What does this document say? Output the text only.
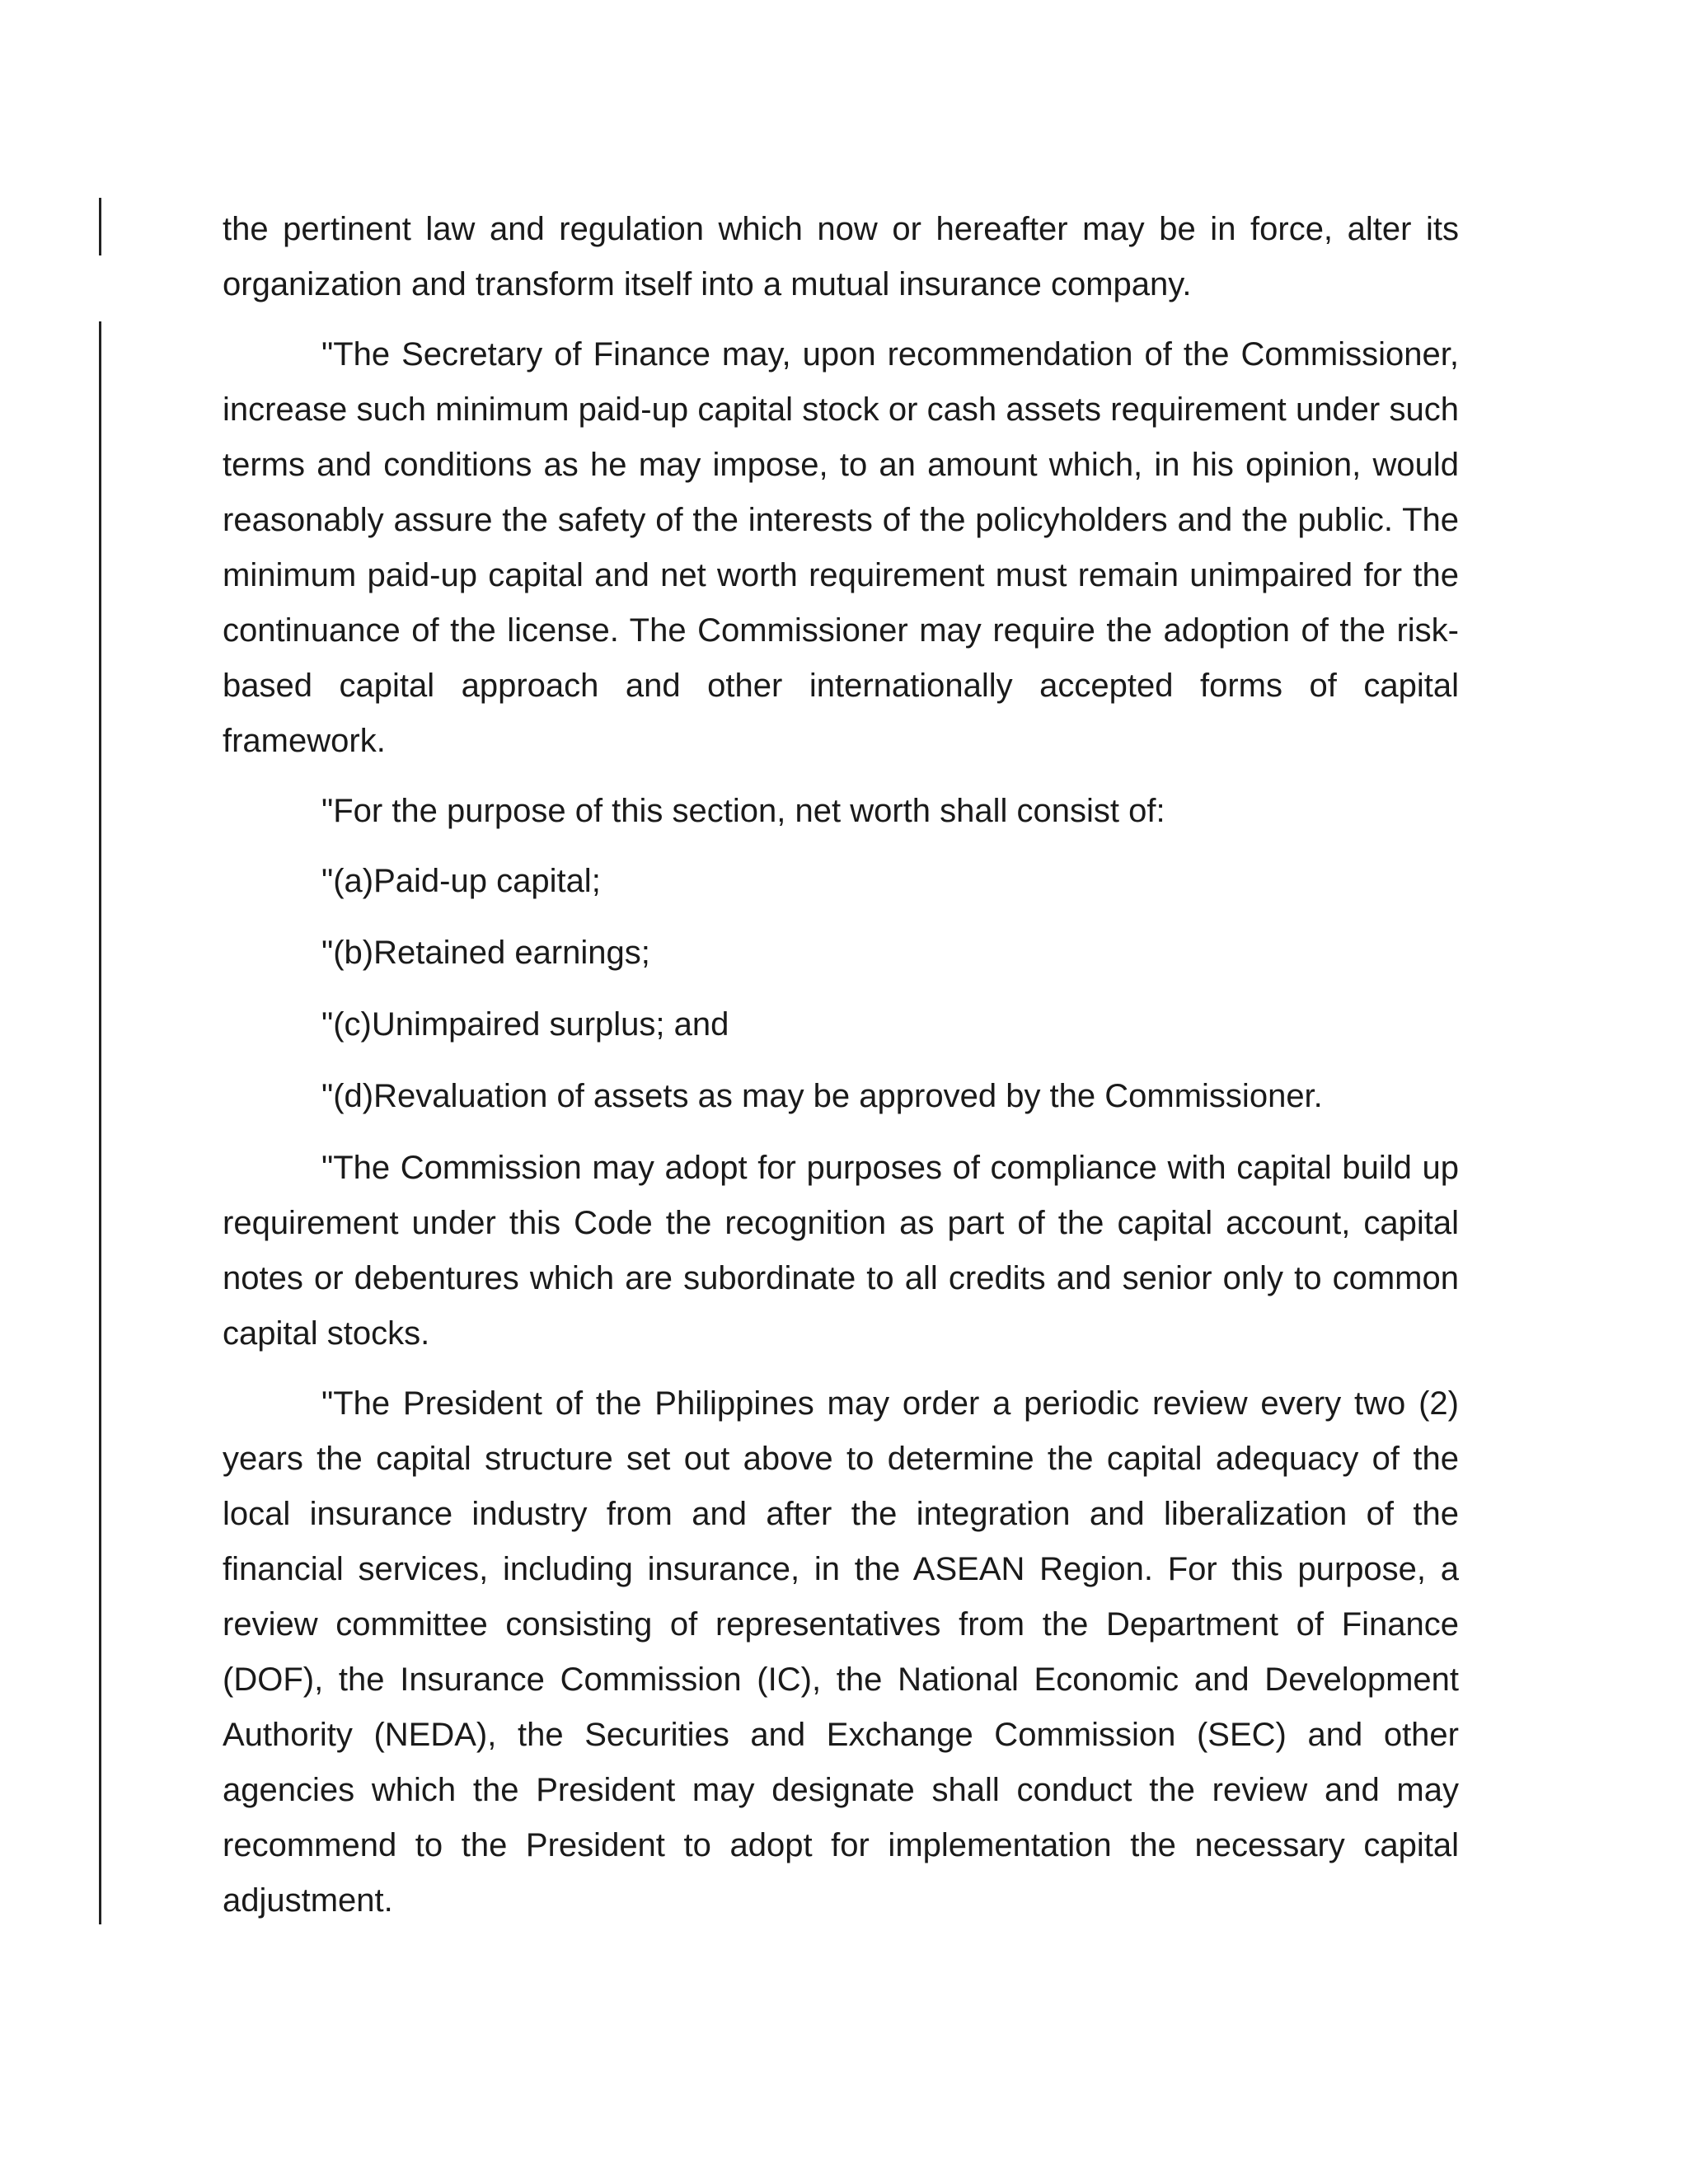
the pertinent law and regulation which now or hereafter may be in force, alter its organization and transform itself into a mutual insurance company.

"The Secretary of Finance may, upon recommendation of the Commissioner, increase such minimum paid-up capital stock or cash assets requirement under such terms and conditions as he may impose, to an amount which, in his opinion, would reasonably assure the safety of the interests of the policyholders and the public. The minimum paid-up capital and net worth requirement must remain unimpaired for the continuance of the license. The Commissioner may require the adoption of the risk-based capital approach and other internationally accepted forms of capital framework.

"For the purpose of this section, net worth shall consist of:

"(a)Paid-up capital;

"(b)Retained earnings;

"(c)Unimpaired surplus; and

"(d)Revaluation of assets as may be approved by the Commissioner.

"The Commission may adopt for purposes of compliance with capital build up requirement under this Code the recognition as part of the capital account, capital notes or debentures which are subordinate to all credits and senior only to common capital stocks.

"The President of the Philippines may order a periodic review every two (2) years the capital structure set out above to determine the capital adequacy of the local insurance industry from and after the integration and liberalization of the financial services, including insurance, in the ASEAN Region. For this purpose, a review committee consisting of representatives from the Department of Finance (DOF), the Insurance Commission (IC), the National Economic and Development Authority (NEDA), the Securities and Exchange Commission (SEC) and other agencies which the President may designate shall conduct the review and may recommend to the President to adopt for implementation the necessary capital adjustment.
